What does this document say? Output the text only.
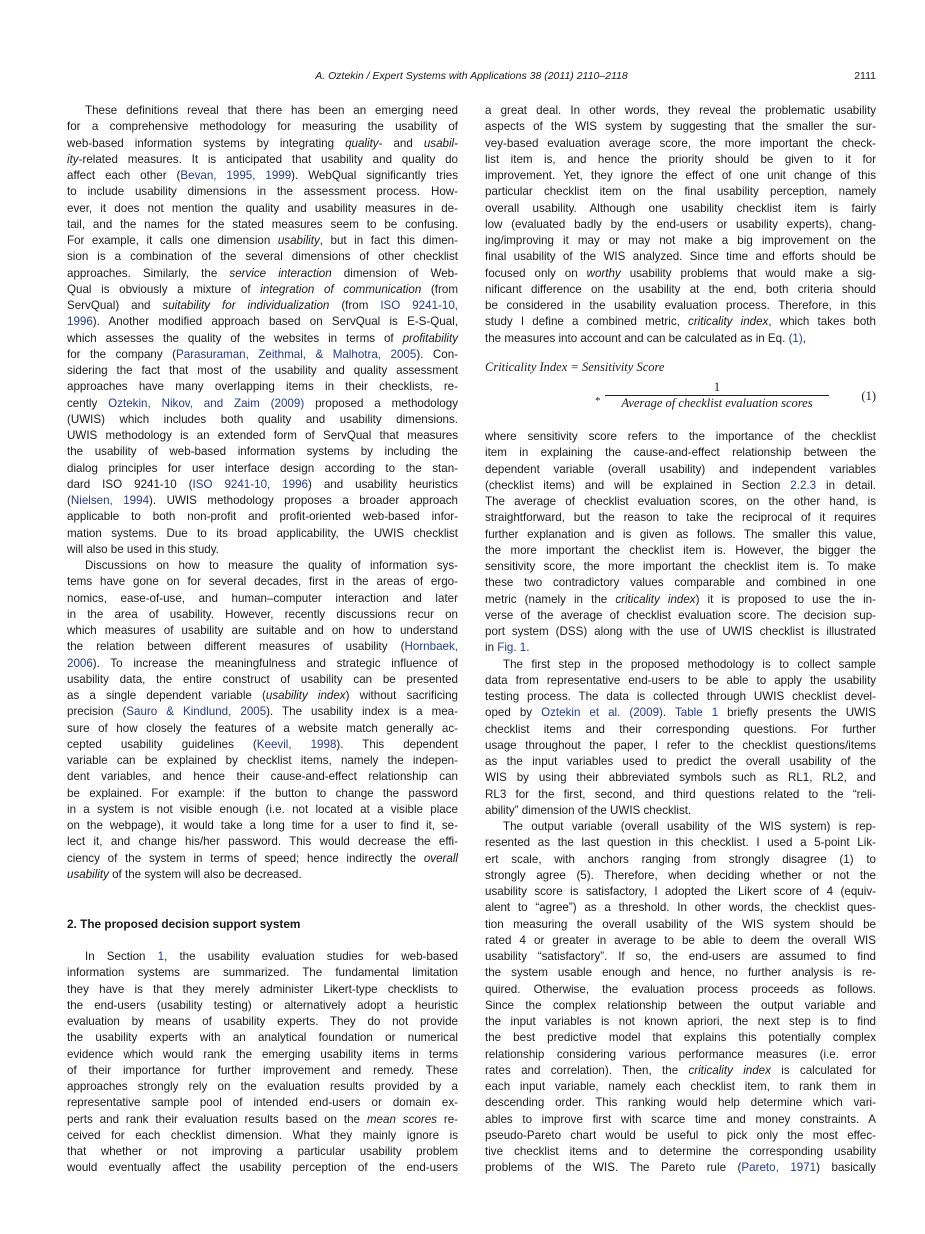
A. Oztekin / Expert Systems with Applications 38 (2011) 2110–2118	2111
These definitions reveal that there has been an emerging need
for a comprehensive methodology for measuring the usability of
web-based information systems by integrating quality- and usabil-
ity-related measures. It is anticipated that usability and quality do
affect each other (Bevan, 1995, 1999). WebQual significantly tries
to include usability dimensions in the assessment process. How-
ever, it does not mention the quality and usability measures in de-
tail, and the names for the stated measures seem to be confusing.
For example, it calls one dimension usability, but in fact this dimen-
sion is a combination of the several dimensions of other checklist
approaches. Similarly, the service interaction dimension of Web-
Qual is obviously a mixture of integration of communication (from
ServQual) and suitability for individualization (from ISO 9241-10,
1996). Another modified approach based on ServQual is E-S-Qual,
which assesses the quality of the websites in terms of profitability
for the company (Parasuraman, Zeithmal, & Malhotra, 2005). Con-
sidering the fact that most of the usability and quality assessment
approaches have many overlapping items in their checklists, re-
cently Oztekin, Nikov, and Zaim (2009) proposed a methodology
(UWIS) which includes both quality and usability dimensions.
UWIS methodology is an extended form of ServQual that measures
the usability of web-based information systems by including the
dialog principles for user interface design according to the stan-
dard ISO 9241-10 (ISO 9241-10, 1996) and usability heuristics
(Nielsen, 1994). UWIS methodology proposes a broader approach
applicable to both non-profit and profit-oriented web-based infor-
mation systems. Due to its broad applicability, the UWIS checklist
will also be used in this study.
Discussions on how to measure the quality of information sys-
tems have gone on for several decades, first in the areas of ergo-
nomics, ease-of-use, and human–computer interaction and later
in the area of usability. However, recently discussions recur on
which measures of usability are suitable and on how to understand
the relation between different measures of usability (Hornbaek,
2006). To increase the meaningfulness and strategic influence of
usability data, the entire construct of usability can be presented
as a single dependent variable (usability index) without sacrificing
precision (Sauro & Kindlund, 2005). The usability index is a mea-
sure of how closely the features of a website match generally ac-
cepted usability guidelines (Keevil, 1998). This dependent
variable can be explained by checklist items, namely the indepen-
dent variables, and hence their cause-and-effect relationship can
be explained. For example: if the button to change the password
in a system is not visible enough (i.e. not located at a visible place
on the webpage), it would take a long time for a user to find it, se-
lect it, and change his/her password. This would decrease the effi-
ciency of the system in terms of speed; hence indirectly the overall
usability of the system will also be decreased.
2. The proposed decision support system
In Section 1, the usability evaluation studies for web-based
information systems are summarized. The fundamental limitation
they have is that they merely administer Likert-type checklists to
the end-users (usability testing) or alternatively adopt a heuristic
evaluation by means of usability experts. They do not provide
the usability experts with an analytical foundation or numerical
evidence which would rank the emerging usability items in terms
of their importance for further improvement and remedy. These
approaches strongly rely on the evaluation results provided by a
representative sample pool of intended end-users or domain ex-
perts and rank their evaluation results based on the mean scores re-
ceived for each checklist dimension. What they mainly ignore is
that whether or not improving a particular usability problem
would eventually affect the usability perception of the end-users
a great deal. In other words, they reveal the problematic usability
aspects of the WIS system by suggesting that the smaller the sur-
vey-based evaluation average score, the more important the check-
list item is, and hence the priority should be given to it for
improvement. Yet, they ignore the effect of one unit change of this
particular checklist item on the final usability perception, namely
overall usability. Although one usability checklist item is fairly
low (evaluated badly by the end-users or usability experts), chang-
ing/improving it may or may not make a big improvement on the
final usability of the WIS analyzed. Since time and efforts should be
focused only on worthy usability problems that would make a sig-
nificant difference on the usability at the end, both criteria should
be considered in the usability evaluation process. Therefore, in this
study I define a combined metric, criticality index, which takes both
the measures into account and can be calculated as in Eq. (1),
Criticality Index = Sensitivity Score
*
1
Average of checklist evaluation scores	(1)
where sensitivity score refers to the importance of the checklist
item in explaining the cause-and-effect relationship between the
dependent variable (overall usability) and independent variables
(checklist items) and will be explained in Section 2.2.3 in detail.
The average of checklist evaluation scores, on the other hand, is
straightforward, but the reason to take the reciprocal of it requires
further explanation and is given as follows. The smaller this value,
the more important the checklist item is. However, the bigger the
sensitivity score, the more important the checklist item is. To make
these two contradictory values comparable and combined in one
metric (namely in the criticality index) it is proposed to use the in-
verse of the average of checklist evaluation score. The decision sup-
port system (DSS) along with the use of UWIS checklist is illustrated
in Fig. 1.
The first step in the proposed methodology is to collect sample
data from representative end-users to be able to apply the usability
testing process. The data is collected through UWIS checklist devel-
oped by Oztekin et al. (2009). Table 1 briefly presents the UWIS
checklist items and their corresponding questions. For further
usage throughout the paper, I refer to the checklist questions/items
as the input variables used to predict the overall usability of the
WIS by using their abbreviated symbols such as RL1, RL2, and
RL3 for the first, second, and third questions related to the “reli-
ability” dimension of the UWIS checklist.
The output variable (overall usability of the WIS system) is rep-
resented as the last question in this checklist. I used a 5-point Lik-
ert scale, with anchors ranging from strongly disagree (1) to
strongly agree (5). Therefore, when deciding whether or not the
usability score is satisfactory, I adopted the Likert score of 4 (equiv-
alent to “agree”) as a threshold. In other words, the checklist ques-
tion measuring the overall usability of the WIS system should be
rated 4 or greater in average to be able to deem the overall WIS
usability “satisfactory”. If so, the end-users are assumed to find
the system usable enough and hence, no further analysis is re-
quired. Otherwise, the evaluation process proceeds as follows.
Since the complex relationship between the output variable and
the input variables is not known apriori, the next step is to find
the best predictive model that explains this potentially complex
relationship considering various performance measures (i.e. error
rates and correlation). Then, the criticality index is calculated for
each input variable, namely each checklist item, to rank them in
descending order. This ranking would help determine which vari-
ables to improve first with scarce time and money constraints. A
pseudo-Pareto chart would be useful to pick only the most effec-
tive checklist items and to determine the corresponding usability
problems of the WIS. The Pareto rule (Pareto, 1971) basically
